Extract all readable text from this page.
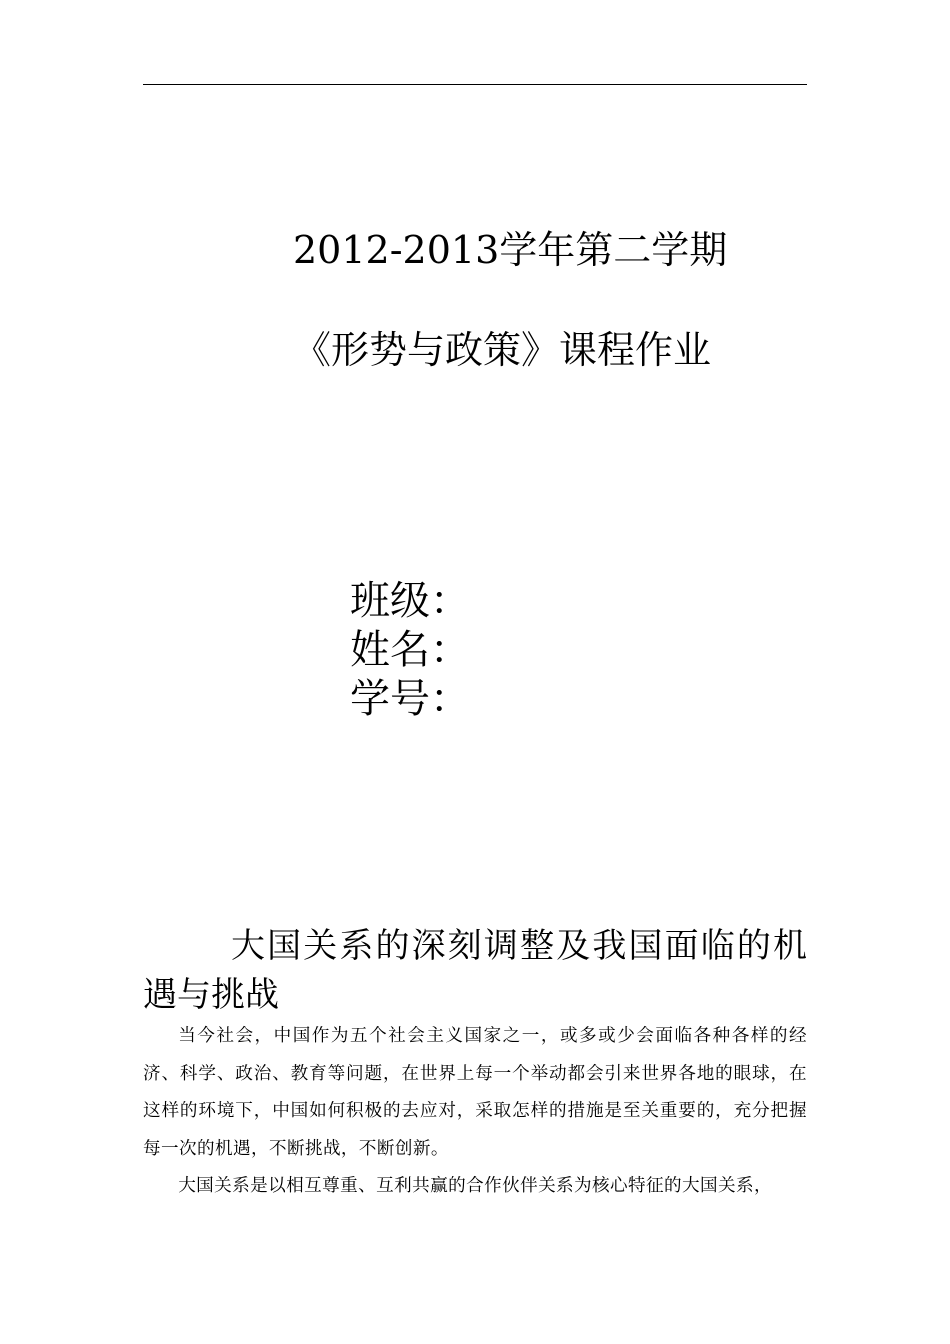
2012-2013学年第二学期
《形势与政策》课程作业
班级：
姓名：
学号：
大国关系的深刻调整及我国面临的机遇与挑战

当今社会，中国作为五个社会主义国家之一，或多或少会面临各种各样的经济、科学、政治、教育等问题，在世界上每一个举动都会引来世界各地的眼球，在这样的环境下，中国如何积极的去应对，采取怎样的措施是至关重要的，充分把握每一次的机遇，不断挑战，不断创新。

大国关系是以相互尊重、互利共赢的合作伙伴关系为核心特征的大国关系，
